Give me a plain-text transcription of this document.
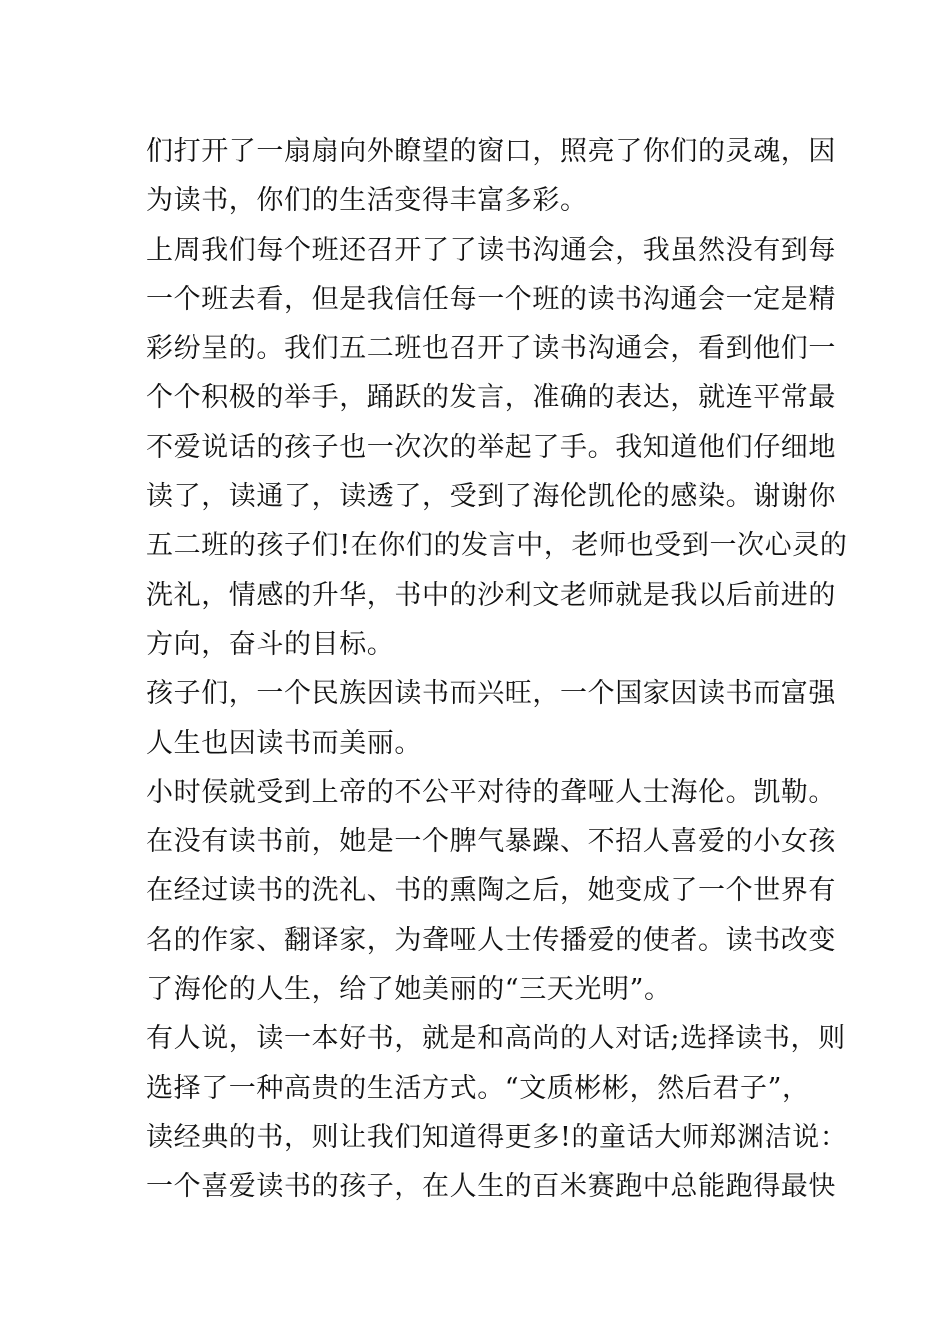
们打开了一扇扇向外瞭望的窗口，照亮了你们的灵魂，因
为读书，你们的生活变得丰富多彩。
上周我们每个班还召开了了读书沟通会，我虽然没有到每
一个班去看，但是我信任每一个班的读书沟通会一定是精
彩纷呈的。我们五二班也召开了读书沟通会，看到他们一
个个积极的举手，踊跃的发言，准确的表达，就连平常最
不爱说话的孩子也一次次的举起了手。我知道他们仔细地
读了，读通了，读透了，受到了海伦凯伦的感染。谢谢你
五二班的孩子们!在你们的发言中，老师也受到一次心灵的
洗礼，情感的升华，书中的沙利文老师就是我以后前进的
方向，奋斗的目标。
孩子们，一个民族因读书而兴旺，一个国家因读书而富强
人生也因读书而美丽。
小时侯就受到上帝的不公平对待的聋哑人士海伦。凯勒。
在没有读书前，她是一个脾气暴躁、不招人喜爱的小女孩
在经过读书的洗礼、书的熏陶之后，她变成了一个世界有
名的作家、翻译家，为聋哑人士传播爱的使者。读书改变
了海伦的人生，给了她美丽的“三天光明”。
有人说，读一本好书，就是和高尚的人对话;选择读书，则
选择了一种高贵的生活方式。“文质彬彬，然后君子”，
读经典的书，则让我们知道得更多!的童话大师郑渊洁说：
一个喜爱读书的孩子，在人生的百米赛跑中总能跑得最快
